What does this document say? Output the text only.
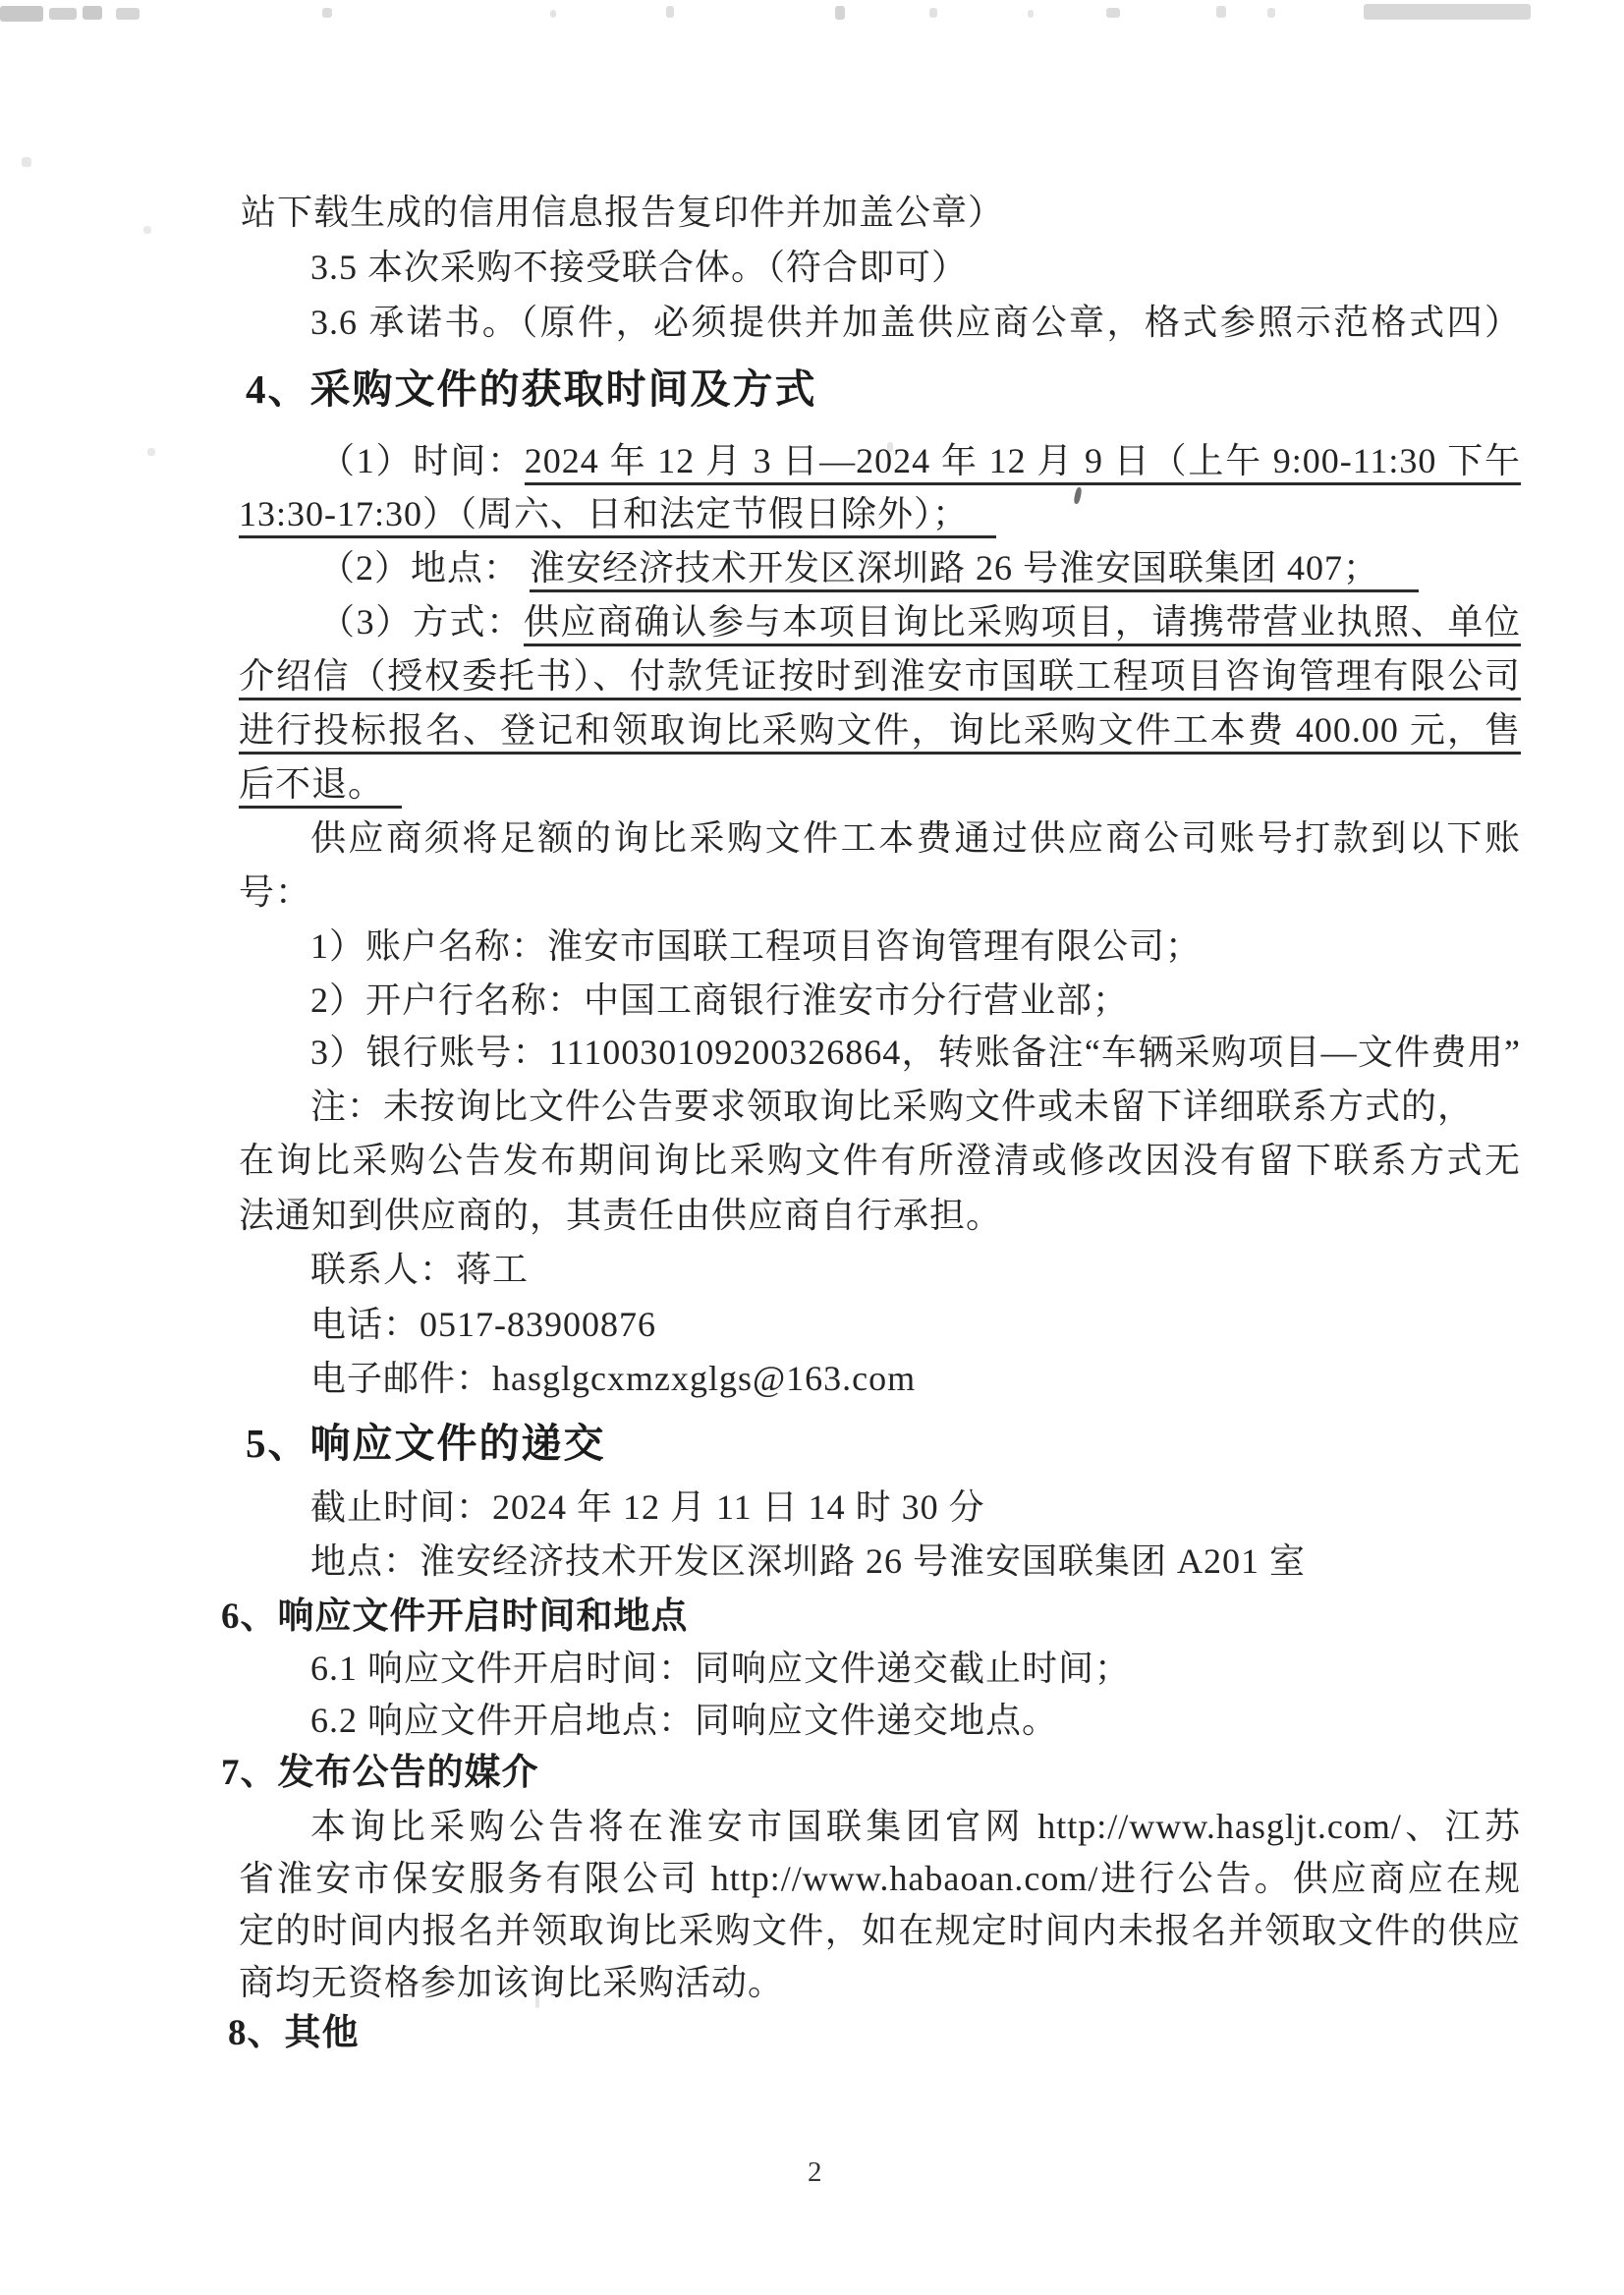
2
站下载生成的信用信息报告复印件并加盖公章）
3.5 本次采购不接受联合体。（符合即可）
3.6 承诺书。（原件，必须提供并加盖供应商公章，格式参照示范格式四）
4、采购文件的获取时间及方式
（1）时间：2024 年 12 月 3 日—2024 年 12 月 9 日（上午 9:00-11:30 下午
13:30-17:30）（周六、日和法定节假日除外）；
（2）地点： 淮安经济技术开发区深圳路 26 号淮安国联集团 407；
（3）方式：供应商确认参与本项目询比采购项目，请携带营业执照、单位
介绍信（授权委托书）、付款凭证按时到淮安市国联工程项目咨询管理有限公司
进行投标报名、登记和领取询比采购文件，询比采购文件工本费 400.00 元，售
后不退。
供应商须将足额的询比采购文件工本费通过供应商公司账号打款到以下账
号：
1）账户名称：淮安市国联工程项目咨询管理有限公司；
2）开户行名称：中国工商银行淮安市分行营业部；
3）银行账号：1110030109200326864，转账备注“车辆采购项目—文件费用”
注：未按询比文件公告要求领取询比采购文件或未留下详细联系方式的，
在询比采购公告发布期间询比采购文件有所澄清或修改因没有留下联系方式无
法通知到供应商的，其责任由供应商自行承担。
联系人：蒋工
电话：0517-83900876
电子邮件：hasglgcxmzxglgs@163.com
5、响应文件的递交
截止时间：2024 年 12 月 11 日 14 时 30 分
地点：淮安经济技术开发区深圳路 26 号淮安国联集团 A201 室
6、响应文件开启时间和地点
6.1 响应文件开启时间：同响应文件递交截止时间；
6.2 响应文件开启地点：同响应文件递交地点。
7、发布公告的媒介
本询比采购公告将在淮安市国联集团官网 http://www.hasgljt.com/、江苏
省淮安市保安服务有限公司 http://www.habaoan.com/进行公告。供应商应在规
定的时间内报名并领取询比采购文件，如在规定时间内未报名并领取文件的供应
商均无资格参加该询比采购活动。
8、其他
